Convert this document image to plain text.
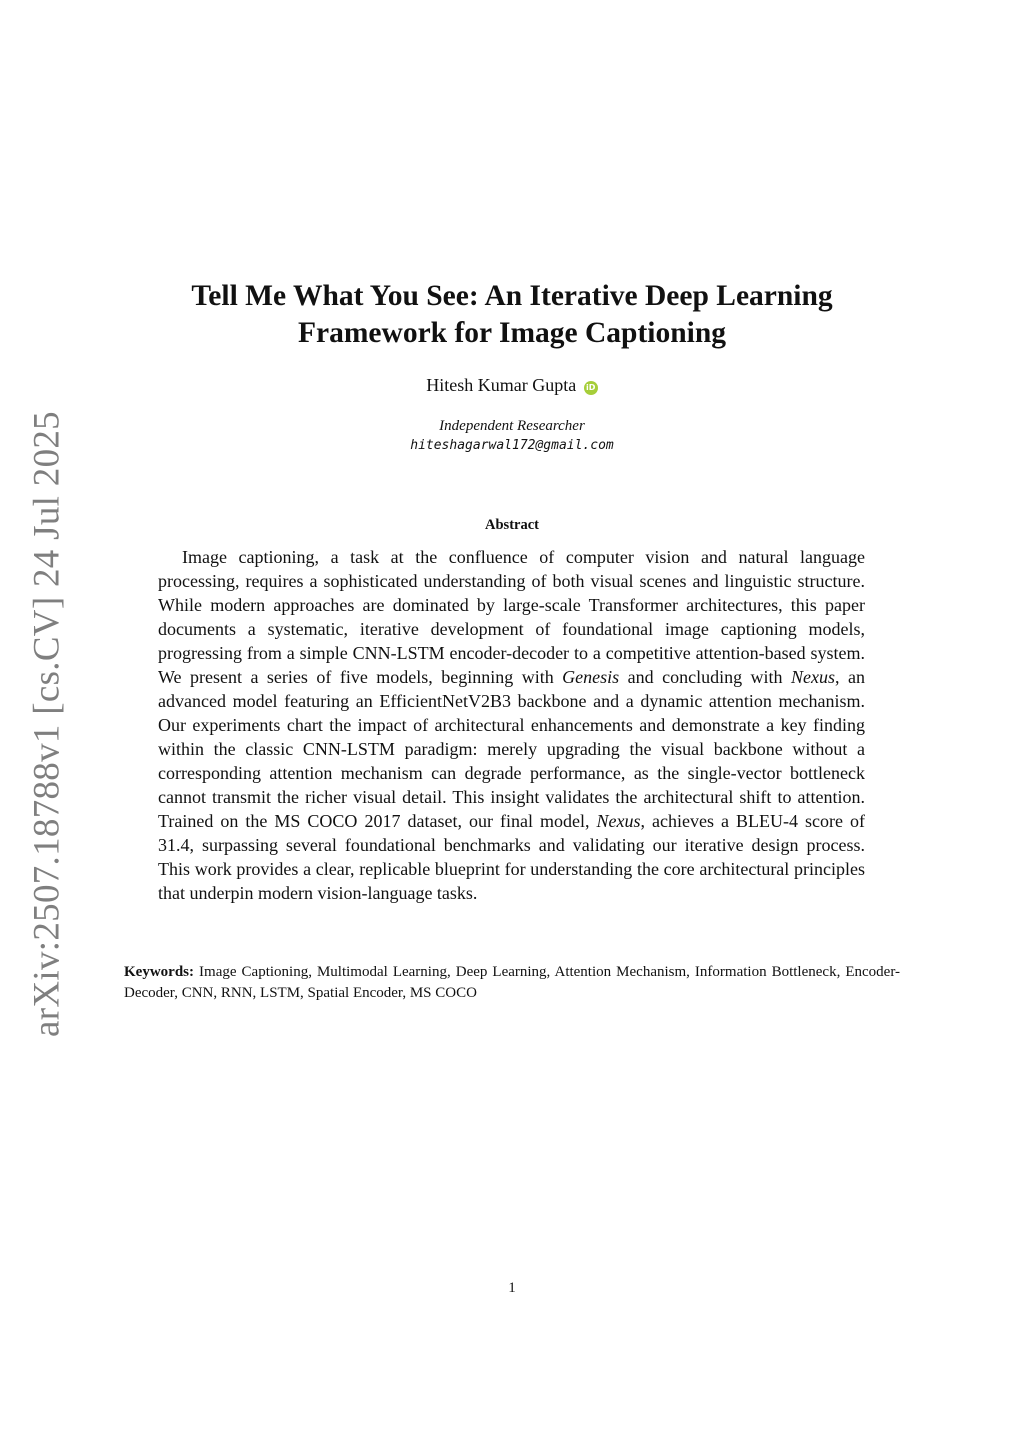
arXiv:2507.18788v1 [cs.CV] 24 Jul 2025
Tell Me What You See: An Iterative Deep Learning
Framework for Image Captioning
Hitesh Kumar Gupta iD
Independent Researcher
hiteshagarwal172@gmail.com
Abstract

Image captioning, a task at the confluence of computer vision and natural language processing, requires a sophisticated understanding of both visual scenes and linguistic structure. While modern approaches are dominated by large-scale Transformer architectures, this paper documents a systematic, iterative development of foundational image captioning models, progressing from a simple CNN-LSTM encoder-decoder to a competitive attention-based system. We present a series of five models, beginning with Genesis and concluding with Nexus, an advanced model featuring an EfficientNetV2B3 backbone and a dynamic attention mechanism. Our experiments chart the impact of architectural enhancements and demonstrate a key finding within the classic CNN-LSTM paradigm: merely upgrading the visual backbone without a corresponding attention mechanism can degrade performance, as the single-vector bottleneck cannot transmit the richer visual detail. This insight validates the architectural shift to attention. Trained on the MS COCO 2017 dataset, our final model, Nexus, achieves a BLEU-4 score of 31.4, surpassing several foundational benchmarks and validating our iterative design process. This work provides a clear, replicable blueprint for understanding the core architectural principles that underpin modern vision-language tasks.

Keywords: Image Captioning, Multimodal Learning, Deep Learning, Attention Mechanism, Information Bottleneck, Encoder-Decoder, CNN, RNN, LSTM, Spatial Encoder, MS COCO

1
